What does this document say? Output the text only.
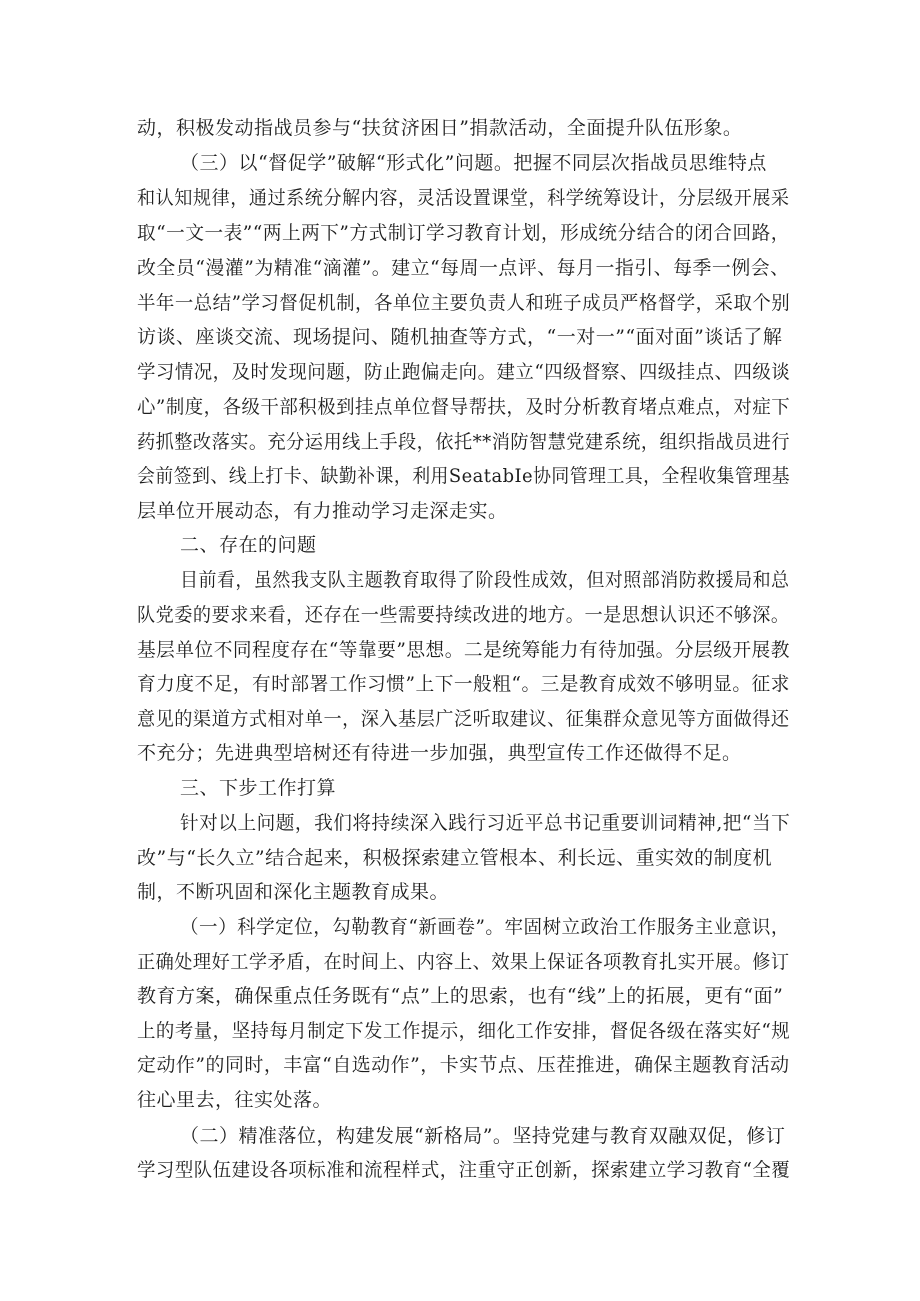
动，积极发动指战员参与“扶贫济困日”捐款活动，全面提升队伍形象。
（三）以“督促学”破解“形式化”问题。把握不同层次指战员思维特点
和认知规律，通过系统分解内容，灵活设置课堂，科学统筹设计，分层级开展采
取“一文一表”“两上两下”方式制订学习教育计划，形成统分结合的闭合回路，
改全员“漫灌”为精准“滴灌”。建立“每周一点评、每月一指引、每季一例会、
半年一总结”学习督促机制，各单位主要负责人和班子成员严格督学，采取个别
访谈、座谈交流、现场提问、随机抽查等方式，“一对一”“面对面”谈话了解
学习情况，及时发现问题，防止跑偏走向。建立“四级督察、四级挂点、四级谈
心”制度，各级干部积极到挂点单位督导帮扶，及时分析教育堵点难点，对症下
药抓整改落实。充分运用线上手段，依托**消防智慧党建系统，组织指战员进行
会前签到、线上打卡、缺勤补课，利用SeatabIe协同管理工具，全程收集管理基
层单位开展动态，有力推动学习走深走实。
二、存在的问题
目前看，虽然我支队主题教育取得了阶段性成效，但对照部消防救援局和总
队党委的要求来看，还存在一些需要持续改进的地方。一是思想认识还不够深。
基层单位不同程度存在“等靠要”思想。二是统筹能力有待加强。分层级开展教
育力度不足，有时部署工作习惯”上下一般粗“。三是教育成效不够明显。征求
意见的渠道方式相对单一，深入基层广泛听取建议、征集群众意见等方面做得还
不充分；先进典型培树还有待进一步加强，典型宣传工作还做得不足。
三、下步工作打算
针对以上问题，我们将持续深入践行习近平总书记重要训词精神,把“当下
改”与“长久立”结合起来，积极探索建立管根本、利长远、重实效的制度机
制，不断巩固和深化主题教育成果。
（一）科学定位，勾勒教育“新画卷”。牢固树立政治工作服务主业意识，
正确处理好工学矛盾，在时间上、内容上、效果上保证各项教育扎实开展。修订
教育方案，确保重点任务既有“点”上的思索，也有“线”上的拓展，更有“面”
上的考量，坚持每月制定下发工作提示，细化工作安排，督促各级在落实好“规
定动作”的同时，丰富“自选动作”，卡实节点、压茬推进，确保主题教育活动
往心里去，往实处落。
（二）精准落位，构建发展“新格局”。坚持党建与教育双融双促，修订
学习型队伍建设各项标准和流程样式，注重守正创新，探索建立学习教育“全覆
